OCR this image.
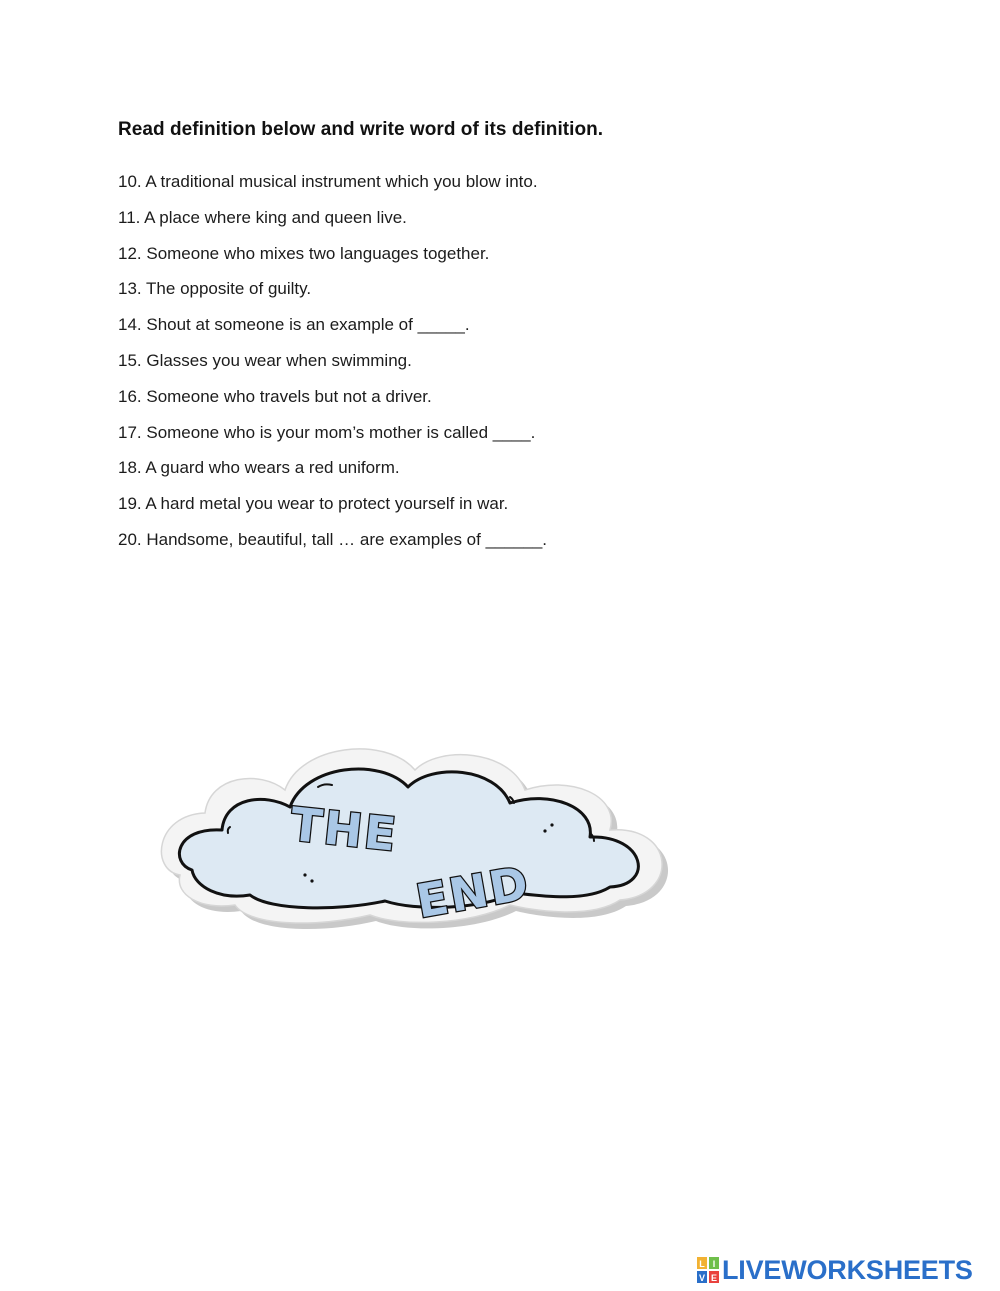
Read definition below and write word of its definition.
10. A traditional musical instrument which you blow into.
11. A place where king and queen live.
12. Someone who mixes two languages together.
13. The opposite of guilty.
14. Shout at someone is an example of _____.
15. Glasses you wear when swimming.
16. Someone who travels but not a driver.
17. Someone who is your mom’s mother is called ____.
18. A guard who wears a red uniform.
19. A hard metal you wear to protect yourself in war.
20. Handsome, beautiful, tall … are examples of ______.
THE
END
L I
V E LIVEWORKSHEETS
